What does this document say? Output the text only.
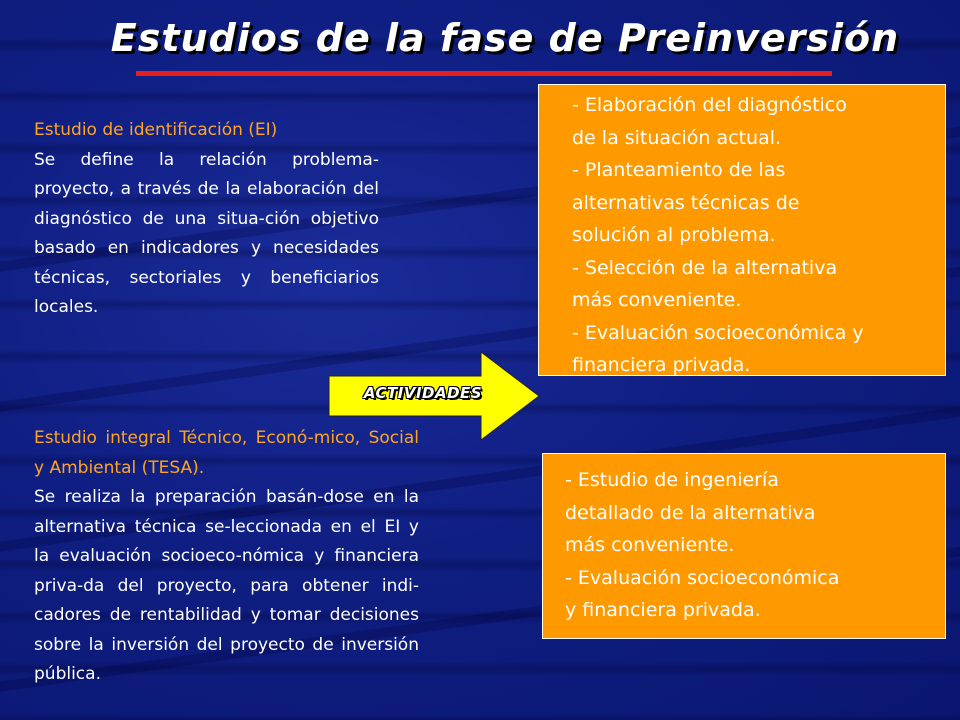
Estudios de la fase de Preinversión
Estudio de identificación (EI)
Se define la relación problema-proyecto, a través de la elaboración del diagnóstico de una situa-ción objetivo basado en indicadores y necesidades técnicas, sectoriales y beneficiarios locales.
Estudio integral Técnico, Econó-mico, Social y Ambiental (TESA).
Se realiza la preparación basán-dose en la alternativa técnica se-leccionada en el EI y la evaluación socioeco-nómica y financiera priva-da del proyecto, para obtener indi-cadores de rentabilidad y tomar decisiones sobre la inversión del proyecto de inversión pública.
ACTIVIDADES
- Elaboración del diagnóstico
de la situación actual.
- Planteamiento de las
alternativas técnicas de
solución al problema.
- Selección de la alternativa
más conveniente.
- Evaluación socioeconómica y
financiera privada.
- Estudio de ingeniería
detallado de la alternativa
más conveniente.
- Evaluación socioeconómica
y financiera privada.
